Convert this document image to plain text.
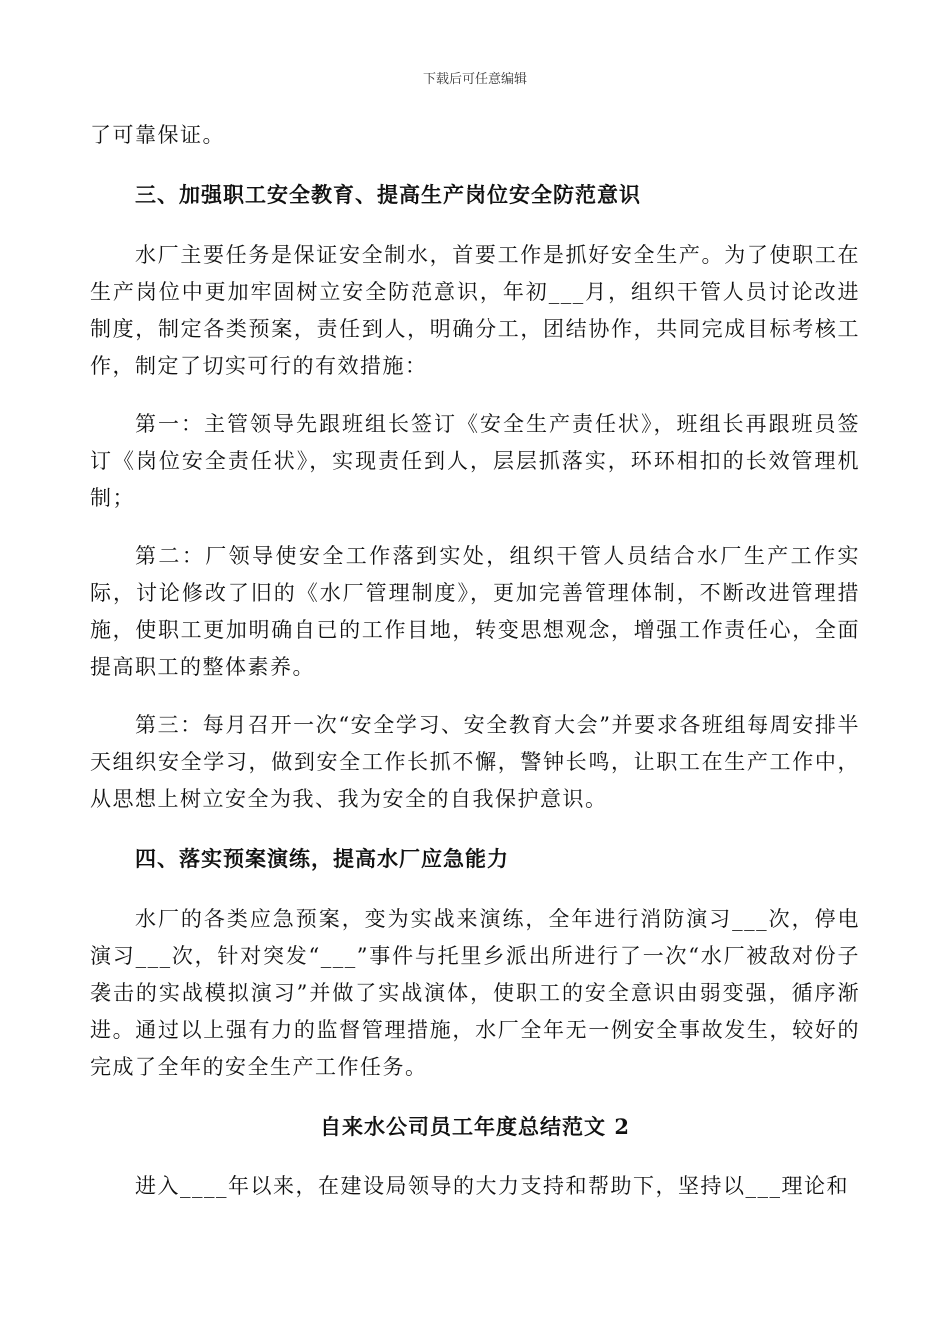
下载后可任意编辑

了可靠保证。

三、加强职工安全教育、提高生产岗位安全防范意识

水厂主要任务是保证安全制水，首要工作是抓好安全生产。为了使职工在生产岗位中更加牢固树立安全防范意识，年初___月，组织干管人员讨论改进制度，制定各类预案，责任到人，明确分工，团结协作，共同完成目标考核工作，制定了切实可行的有效措施：

第一：主管领导先跟班组长签订《安全生产责任状》，班组长再跟班员签订《岗位安全责任状》，实现责任到人，层层抓落实，环环相扣的长效管理机制；

第二：厂领导使安全工作落到实处，组织干管人员结合水厂生产工作实际，讨论修改了旧的《水厂管理制度》，更加完善管理体制，不断改进管理措施，使职工更加明确自已的工作目地，转变思想观念，增强工作责任心，全面提高职工的整体素养。

第三：每月召开一次“安全学习、安全教育大会”并要求各班组每周安排半天组织安全学习，做到安全工作长抓不懈，警钟长鸣，让职工在生产工作中，从思想上树立安全为我、我为安全的自我保护意识。

四、落实预案演练，提高水厂应急能力

水厂的各类应急预案，变为实战来演练，全年进行消防演习___次，停电演习___次，针对突发“___”事件与托里乡派出所进行了一次“水厂被敌对份子袭击的实战模拟演习”并做了实战演体，使职工的安全意识由弱变强，循序渐进。通过以上强有力的监督管理措施，水厂全年无一例安全事故发生，较好的完成了全年的安全生产工作任务。

自来水公司员工年度总结范文 2

进入____年以来，在建设局领导的大力支持和帮助下，坚持以___理论和
